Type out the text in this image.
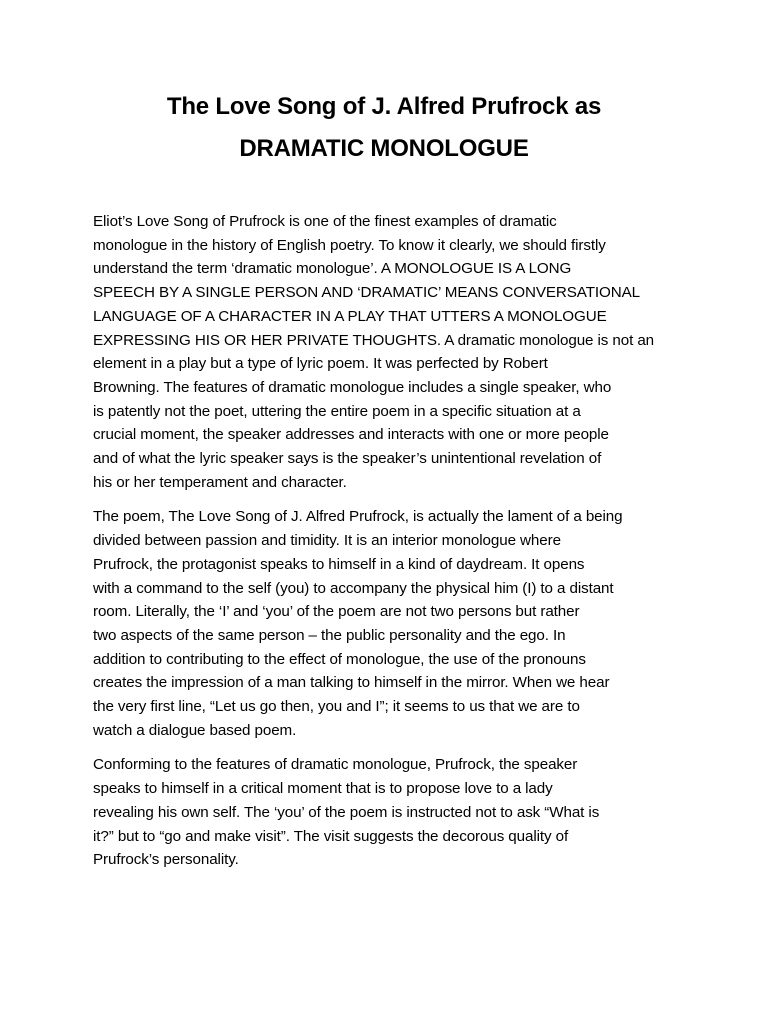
The Love Song of J. Alfred Prufrock as
DRAMATIC MONOLOGUE
Eliot’s Love Song of Prufrock is one of the finest examples of dramatic
monologue in the history of English poetry. To know it clearly, we should firstly
understand the term ‘dramatic monologue’. A MONOLOGUE IS A LONG
SPEECH BY A SINGLE PERSON AND ‘DRAMATIC’ MEANS CONVERSATIONAL
LANGUAGE OF A CHARACTER IN A PLAY THAT UTTERS A MONOLOGUE
EXPRESSING HIS OR HER PRIVATE THOUGHTS. A dramatic monologue is not an
element in a play but a type of lyric poem. It was perfected by Robert
Browning. The features of dramatic monologue includes a single speaker, who
is patently not the poet, uttering the entire poem in a specific situation at a
crucial moment, the speaker addresses and interacts with one or more people
and of what the lyric speaker says is the speaker’s unintentional revelation of
his or her temperament and character.
The poem, The Love Song of J. Alfred Prufrock, is actually the lament of a being
divided between passion and timidity. It is an interior monologue where
Prufrock, the protagonist speaks to himself in a kind of daydream. It opens
with a command to the self (you) to accompany the physical him (I) to a distant
room. Literally, the ‘I’ and ‘you’ of the poem are not two persons but rather
two aspects of the same person – the public personality and the ego. In
addition to contributing to the effect of monologue, the use of the pronouns
creates the impression of a man talking to himself in the mirror. When we hear
the very first line, “Let us go then, you and I”; it seems to us that we are to
watch a dialogue based poem.
Conforming to the features of dramatic monologue, Prufrock, the speaker
speaks to himself in a critical moment that is to propose love to a lady
revealing his own self. The ‘you’ of the poem is instructed not to ask “What is
it?” but to “go and make visit”. The visit suggests the decorous quality of
Prufrock’s personality.
